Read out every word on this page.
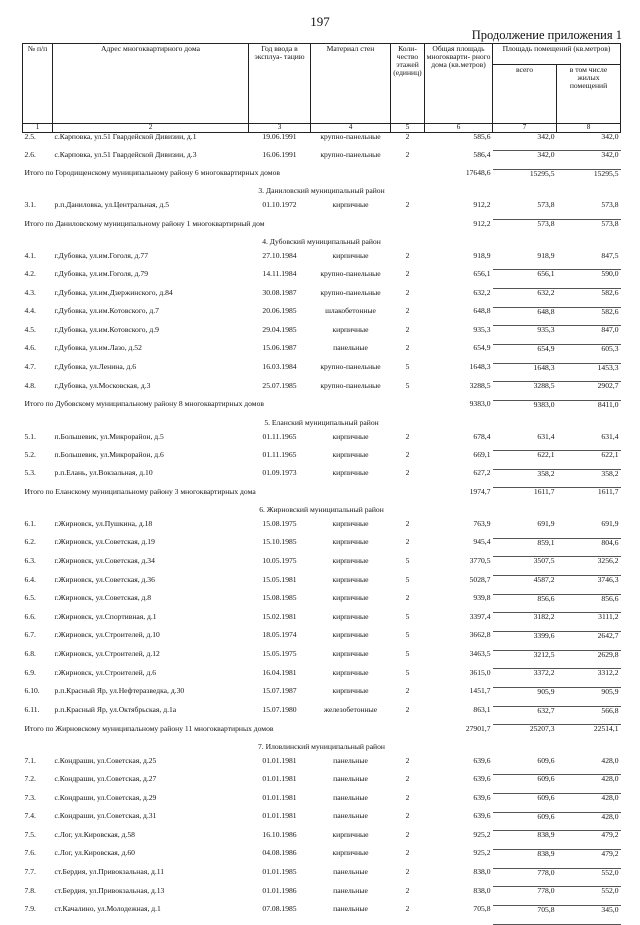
197
Продолжение приложения 1
№ п/п	Адрес многоквартирного дома	Год ввода в эксплуа- тацию	Материал стен	Коли- чество этажей (единиц)	Общая площадь многокварти- рного дома (кв.метров)	Площадь помещений (кв.метров)	
						всего	в том числе жилых помещений
1	2	3	4	5	6	7	8
2.5.	с.Карповка, ул.51 Гвардейской Дивизии, д.1	19.06.1991	крупно-панельные	2	585,6	342,0	342,0
2.6.	с.Карповка, ул.51 Гвардейской Дивизии, д.3	16.06.1991	крупно-панельные	2	586,4	342,0	342,0
Итого по Городищенскому муниципальному району 6 многоквартирных домов					17648,6	15295,5	15295,5
3. Даниловский муниципальный район							
3.1.	р.п.Даниловка, ул.Центральная, д.5	01.10.1972	кирпичные	2	912,2	573,8	573,8
Итого по Даниловскому муниципальному району 1 многоквартирный дом					912,2	573,8	573,8
4. Дубовский муниципальный район							
4.1.	г.Дубовка, ул.им.Гоголя, д.77	27.10.1984	кирпичные	2	918,9	918,9	847,5
4.2.	г.Дубовка, ул.им.Гоголя, д.79	14.11.1984	крупно-панельные	2	656,1	656,1	590,0
4.3.	г.Дубовка, ул.им.Дзержинского, д.84	30.08.1987	крупно-панельные	2	632,2	632,2	582,6
4.4.	г.Дубовка, ул.им.Котовского, д.7	20.06.1985	шлакобетонные	2	648,8	648,8	582,6
4.5.	г.Дубовка, ул.им.Котовского, д.9	29.04.1985	кирпичные	2	935,3	935,3	847,0
4.6.	г.Дубовка, ул.им.Лазо, д.52	15.06.1987	панельные	2	654,9	654,9	605,3
4.7.	г.Дубовка, ул.Ленина, д.6	16.03.1984	крупно-панельные	5	1648,3	1648,3	1453,3
4.8.	г.Дубовка, ул.Московская, д.3	25.07.1985	крупно-панельные	5	3288,5	3288,5	2902,7
Итого по Дубовскому муниципальному району 8 многоквартирных домов					9383,0	9383,0	8411,0
5. Еланский муниципальный район							
5.1.	п.Большевик, ул.Микрорайон, д.5	01.11.1965	кирпичные	2	678,4	631,4	631,4
5.2.	п.Большевик, ул.Микрорайон, д.6	01.11.1965	кирпичные	2	669,1	622,1	622,1
5.3.	р.п.Елань, ул.Вокзальная, д.10	01.09.1973	кирпичные	2	627,2	358,2	358,2
Итого по Еланскому муниципальному району 3 многоквартирных дома					1974,7	1611,7	1611,7
6. Жирновский муниципальный район							
6.1.	г.Жирновск, ул.Пушкина, д.18	15.08.1975	кирпичные	2	763,9	691,9	691,9
6.2.	г.Жирновск, ул.Советская, д.19	15.10.1985	кирпичные	2	945,4	859,1	804,6
6.3.	г.Жирновск, ул.Советская, д.34	10.05.1975	кирпичные	5	3770,5	3507,5	3256,2
6.4.	г.Жирновск, ул.Советская, д.36	15.05.1981	кирпичные	5	5028,7	4587,2	3746,3
6.5.	г.Жирновск, ул.Советская, д.8	15.08.1985	кирпичные	2	939,8	856,6	856,6
6.6.	г.Жирновск, ул.Спортивная, д.1	15.02.1981	кирпичные	5	3397,4	3182,2	3111,2
6.7.	г.Жирновск, ул.Строителей, д.10	18.05.1974	кирпичные	5	3662,8	3399,6	2642,7
6.8.	г.Жирновск, ул.Строителей, д.12	15.05.1975	кирпичные	5	3463,5	3212,5	2629,8
6.9.	г.Жирновск, ул.Строителей, д.6	16.04.1981	кирпичные	5	3615,0	3372,2	3312,2
6.10.	р.п.Красный Яр, ул.Нефтеразведка, д.30	15.07.1987	кирпичные	2	1451,7	905,9	905,9
6.11.	р.п.Красный Яр, ул.Октябрьская, д.1а	15.07.1980	железобетонные	2	863,1	632,7	566,8
Итого по Жирновскому муниципальному району 11 многоквартирных домов					27901,7	25207,3	22514,1
7. Иловлинский муниципальный район							
7.1.	с.Кондраши, ул.Советская, д.25	01.01.1981	панельные	2	639,6	609,6	428,0
7.2.	с.Кондраши, ул.Советская, д.27	01.01.1981	панельные	2	639,6	609,6	428,0
7.3.	с.Кондраши, ул.Советская, д.29	01.01.1981	панельные	2	639,6	609,6	428,0
7.4.	с.Кондраши, ул.Советская, д.31	01.01.1981	панельные	2	639,6	609,6	428,0
7.5.	с.Лог, ул.Кировская, д.58	16.10.1986	кирпичные	2	925,2	838,9	479,2
7.6.	с.Лог, ул.Кировская, д.60	04.08.1986	кирпичные	2	925,2	838,9	479,2
7.7.	ст.Бердия, ул.Привокзальная, д.11	01.01.1985	панельные	2	838,0	778,0	552,0
7.8.	ст.Бердия, ул.Привокзальная, д.13	01.01.1986	панельные	2	838,0	778,0	552,0
7.9.	ст.Качалино, ул.Молодежная, д.1	07.08.1985	панельные	2	705,8	705,8	345,0
